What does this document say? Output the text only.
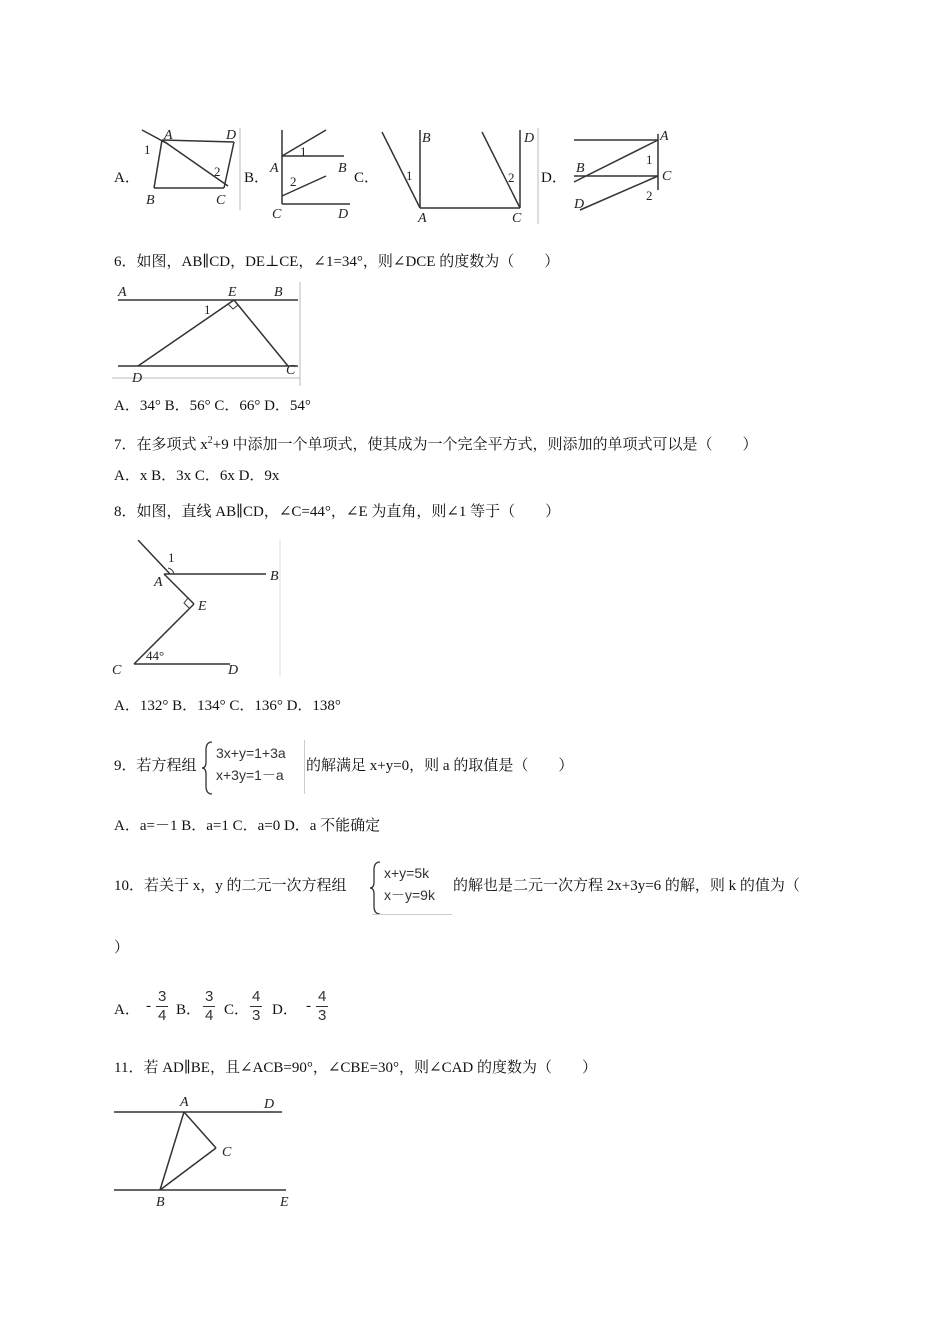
A．
A	D
B	C
1
2 B．
A	B
C	D
1
2	C．
B	D
A	C
1	2 D．
A
B
C
D
1
2
6．如图，AB∥CD，DE⊥CE，∠1=34°，则∠DCE 的度数为（　　）
A	E	B
D
C
1
A．34° B．56° C．66° D．54°
7．在多项式 $x^2+9$ 中添加一个单项式，使其成为一个完全平方式，则添加的单项式可以是（　　）
A．x B．3x C．6x D．9x
8．如图，直线 AB∥CD，∠C=44°，∠E 为直角，则∠1 等于（　　）
A	B
E
C	D
1
44°
A．132° B．134° C．136° D．138°
9．若方程组
3x+y=1+3a
x+3y=1－a
的解满足 x+y=0，则 a 的取值是（　　）
A．a=－1 B．a=1 C．a=0 D．a 不能确定
10．若关于 x，y 的二元一次方程组
x+y=5k
x－y=9k
的解也是二元一次方程 2x+3y=6 的解，则 k 的值为（
）
A． - $\frac{3}{4}$ B． $\frac{3}{4}$ C． $\frac{4}{3}$ D． - $\frac{4}{3}$
11．若 AD∥BE，且∠ACB=90°，∠CBE=30°，则∠CAD 的度数为（　　）
A	D
C
B	E
